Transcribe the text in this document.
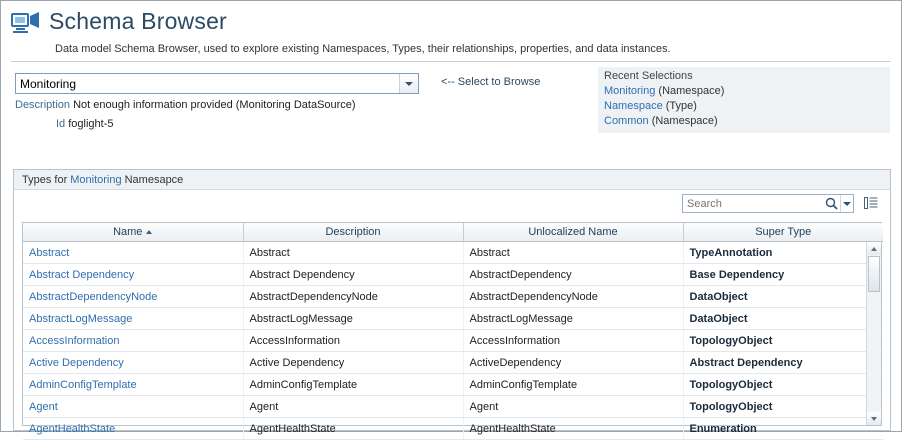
Schema Browser
Data model Schema Browser, used to explore existing Namespaces, Types, their relationships, properties, and data instances.
Monitoring	<-- Select to Browse
Description Not enough information provided (Monitoring DataSource)
Id foglight-5
Recent Selections
Monitoring (Namespace)
Namespace (Type)
Common (Namespace)
Types for Monitoring Namesapce
Search
Name	Description	Unlocalized Name	Super Type
Abstract	Abstract	Abstract	TypeAnnotation
Abstract Dependency	Abstract Dependency	AbstractDependency	Base Dependency
AbstractDependencyNode	AbstractDependencyNode	AbstractDependencyNode	DataObject
AbstractLogMessage	AbstractLogMessage	AbstractLogMessage	DataObject
AccessInformation	AccessInformation	AccessInformation	TopologyObject
Active Dependency	Active Dependency	ActiveDependency	Abstract Dependency
AdminConfigTemplate	AdminConfigTemplate	AdminConfigTemplate	TopologyObject
Agent	Agent	Agent	TopologyObject
AgentHealthState	AgentHealthState	AgentHealthState	Enumeration
